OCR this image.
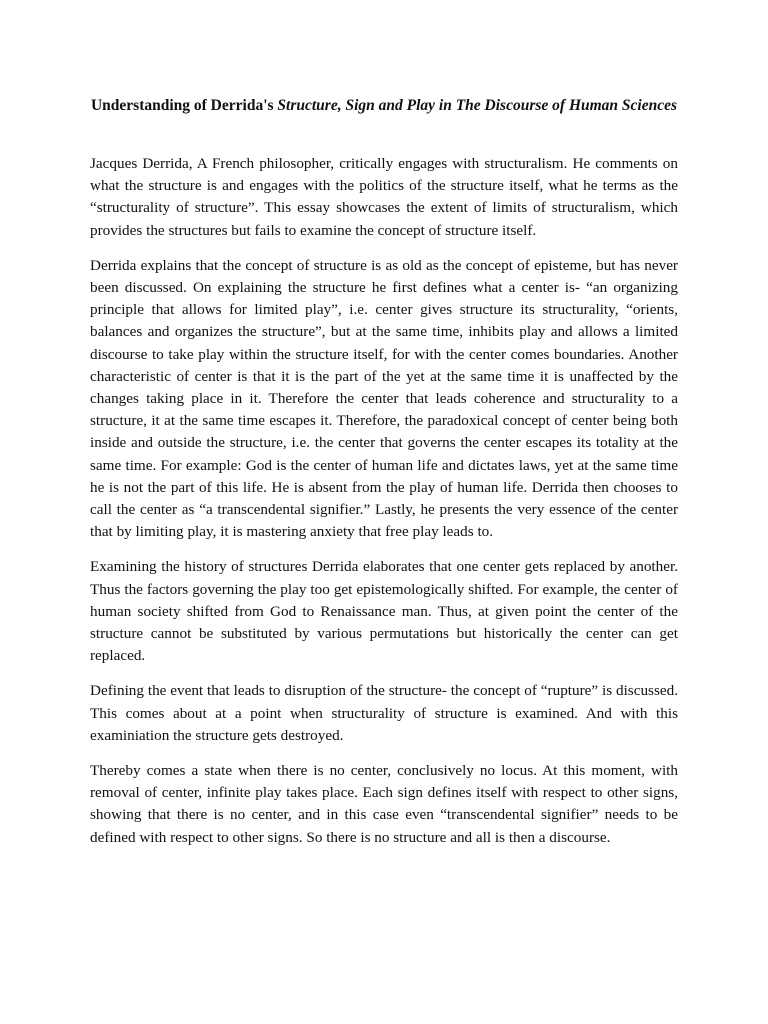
Understanding of Derrida's Structure, Sign and Play in The Discourse of Human Sciences

Jacques Derrida, A French philosopher, critically engages with structuralism. He comments on what the structure is and engages with the politics of the structure itself, what he terms as the “structurality of structure”. This essay showcases the extent of limits of structuralism, which provides the structures but fails to examine the concept of structure itself.

Derrida explains that the concept of structure is as old as the concept of episteme, but has never been discussed. On explaining the structure he first defines what a center is- “an organizing principle that allows for limited play”, i.e. center gives structure its structurality, “orients, balances and organizes the structure”, but at the same time, inhibits play and allows a limited discourse to take play within the structure itself, for with the center comes boundaries. Another characteristic of center is that it is the part of the yet at the same time it is unaffected by the changes taking place in it. Therefore the center that leads coherence and structurality to a structure, it at the same time escapes it. Therefore, the paradoxical concept of center being both inside and outside the structure, i.e. the center that governs the center escapes its totality at the same time. For example: God is the center of human life and dictates laws, yet at the same time he is not the part of this life. He is absent from the play of human life. Derrida then chooses to call the center as “a transcendental signifier.” Lastly, he presents the very essence of the center that by limiting play, it is mastering anxiety that free play leads to.

Examining the history of structures Derrida elaborates that one center gets replaced by another. Thus the factors governing the play too get epistemologically shifted. For example, the center of human society shifted from God to Renaissance man. Thus, at given point the center of the structure cannot be substituted by various permutations but historically the center can get replaced.

Defining the event that leads to disruption of the structure- the concept of “rupture” is discussed. This comes about at a point when structurality of structure is examined. And with this examiniation the structure gets destroyed.

Thereby comes a state when there is no center, conclusively no locus. At this moment, with removal of center, infinite play takes place. Each sign defines itself with respect to other signs, showing that there is no center, and in this case even “transcendental signifier” needs to be defined with respect to other signs. So there is no structure and all is then a discourse.
